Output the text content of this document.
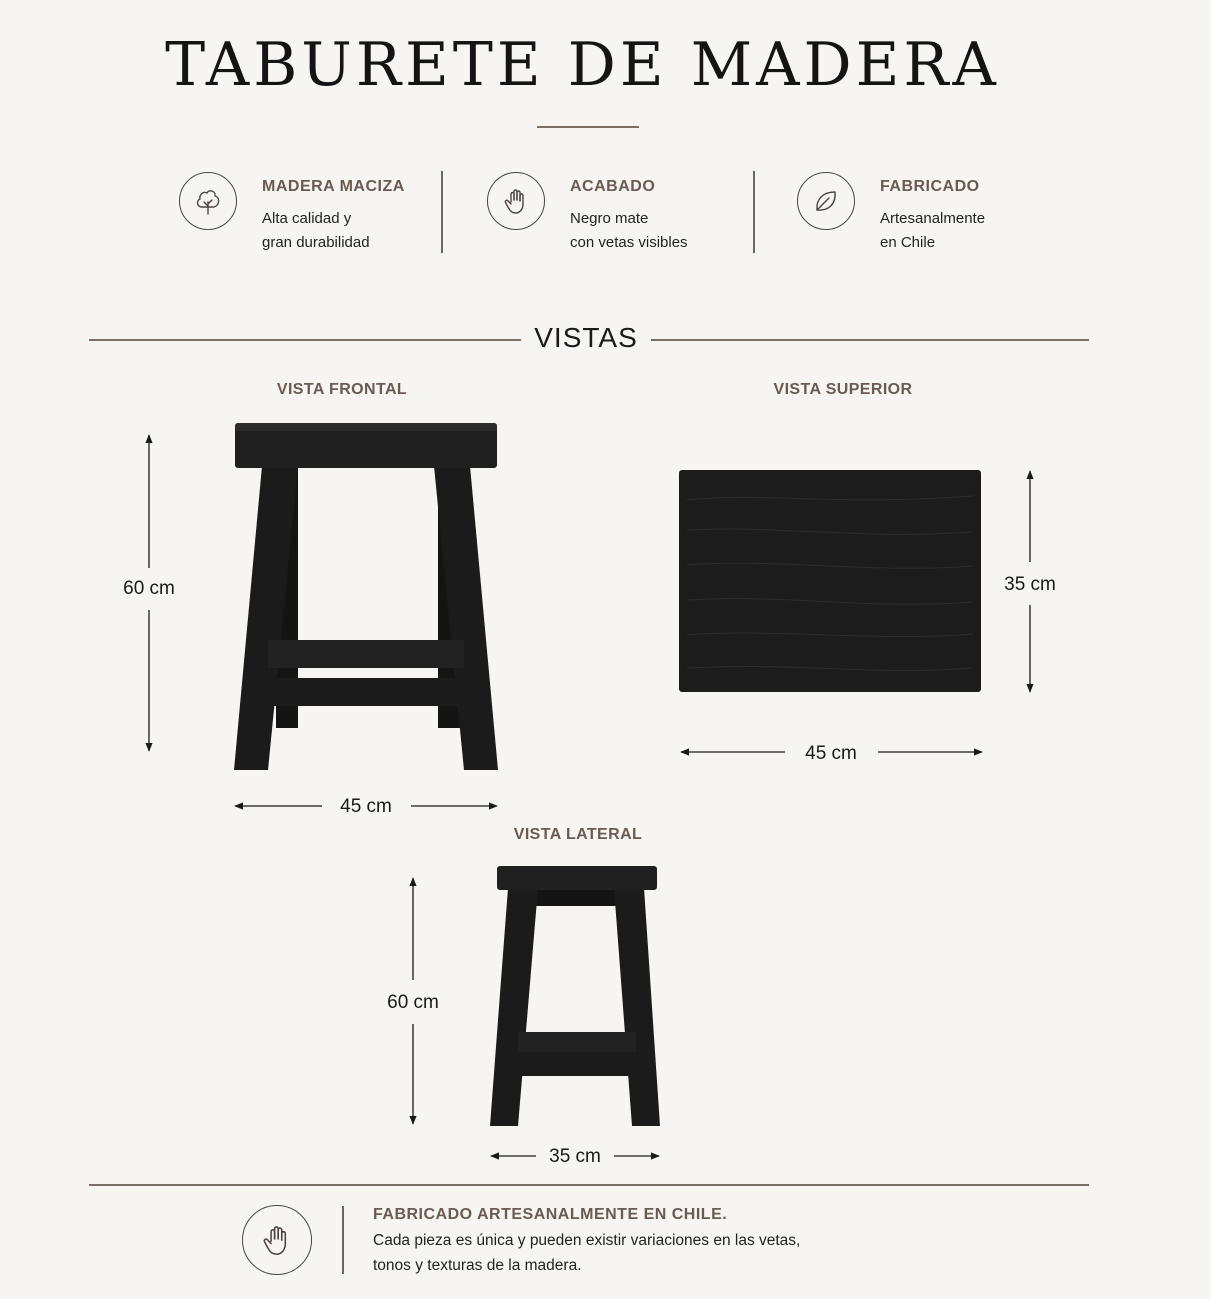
TABURETE DE MADERA
MADERA MACIZA
Alta calidad y
gran durabilidad
ACABADO
Negro mate
con vetas visibles
FABRICADO
Artesanalmente
en Chile
VISTAS
VISTA FRONTAL	VISTA SUPERIOR
VISTA LATERAL
60 cm
45 cm
35 cm
45 cm
60 cm
35 cm
FABRICADO ARTESANALMENTE EN CHILE.
Cada pieza es única y pueden existir variaciones en las vetas,
tonos y texturas de la madera.
